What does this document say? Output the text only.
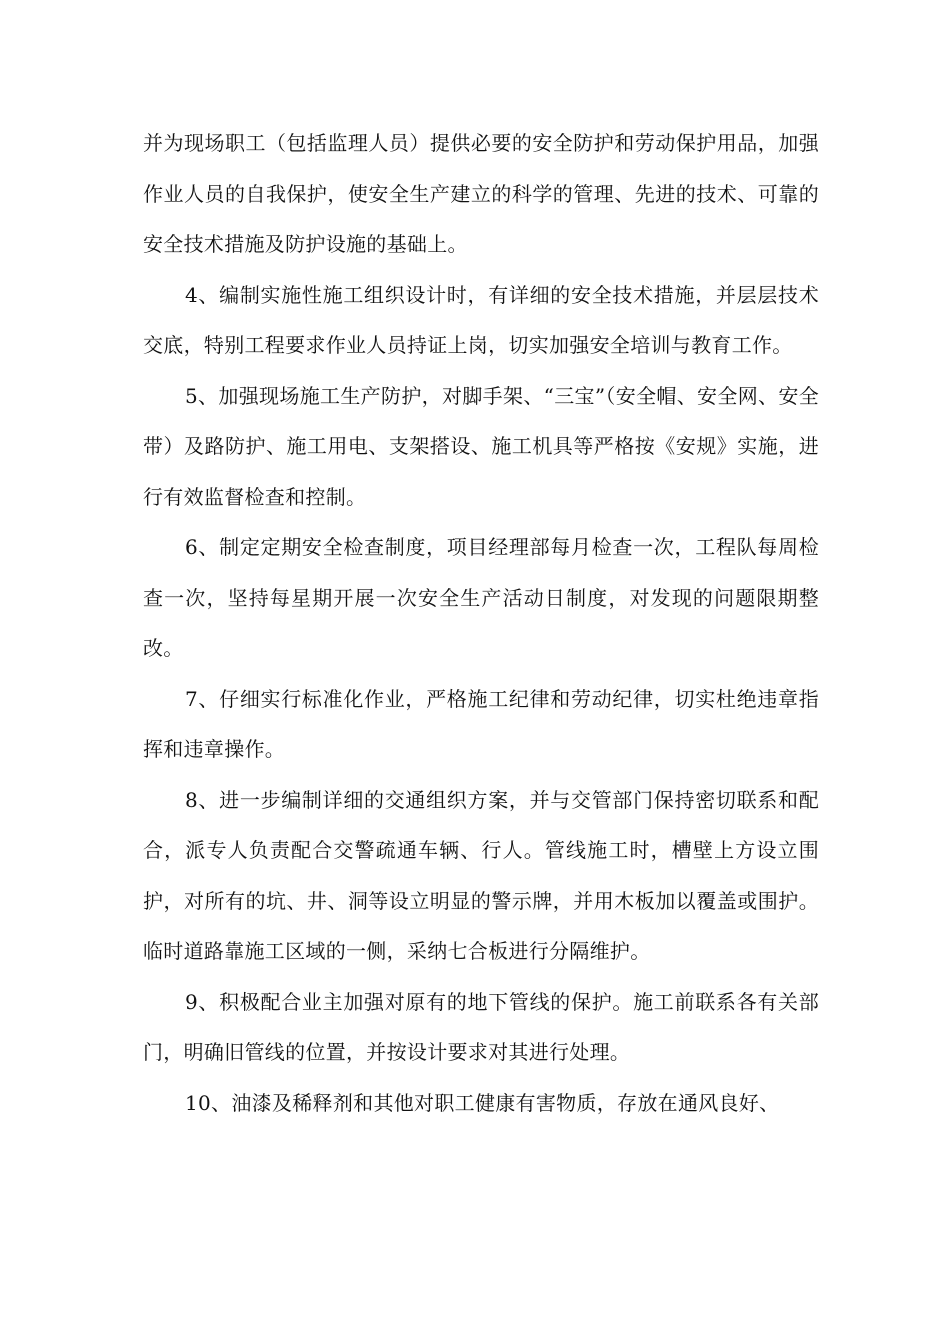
并为现场职工（包括监理人员）提供必要的安全防护和劳动保护用品，加强作业人员的自我保护，使安全生产建立的科学的管理、先进的技术、可靠的安全技术措施及防护设施的基础上。

4、编制实施性施工组织设计时，有详细的安全技术措施，并层层技术交底，特别工程要求作业人员持证上岗，切实加强安全培训与教育工作。

5、加强现场施工生产防护，对脚手架、“三宝”（安全帽、安全网、安全带）及路防护、施工用电、支架搭设、施工机具等严格按《安规》实施，进行有效监督检查和控制。

6、制定定期安全检查制度，项目经理部每月检查一次，工程队每周检查一次，坚持每星期开展一次安全生产活动日制度，对发现的问题限期整改。

7、仔细实行标准化作业，严格施工纪律和劳动纪律，切实杜绝违章指挥和违章操作。

8、进一步编制详细的交通组织方案，并与交管部门保持密切联系和配合，派专人负责配合交警疏通车辆、行人。管线施工时，槽壁上方设立围护，对所有的坑、井、洞等设立明显的警示牌，并用木板加以覆盖或围护。临时道路靠施工区域的一侧，采纳七合板进行分隔维护。

9、积极配合业主加强对原有的地下管线的保护。施工前联系各有关部门，明确旧管线的位置，并按设计要求对其进行处理。

10、油漆及稀释剂和其他对职工健康有害物质，存放在通风良好、
